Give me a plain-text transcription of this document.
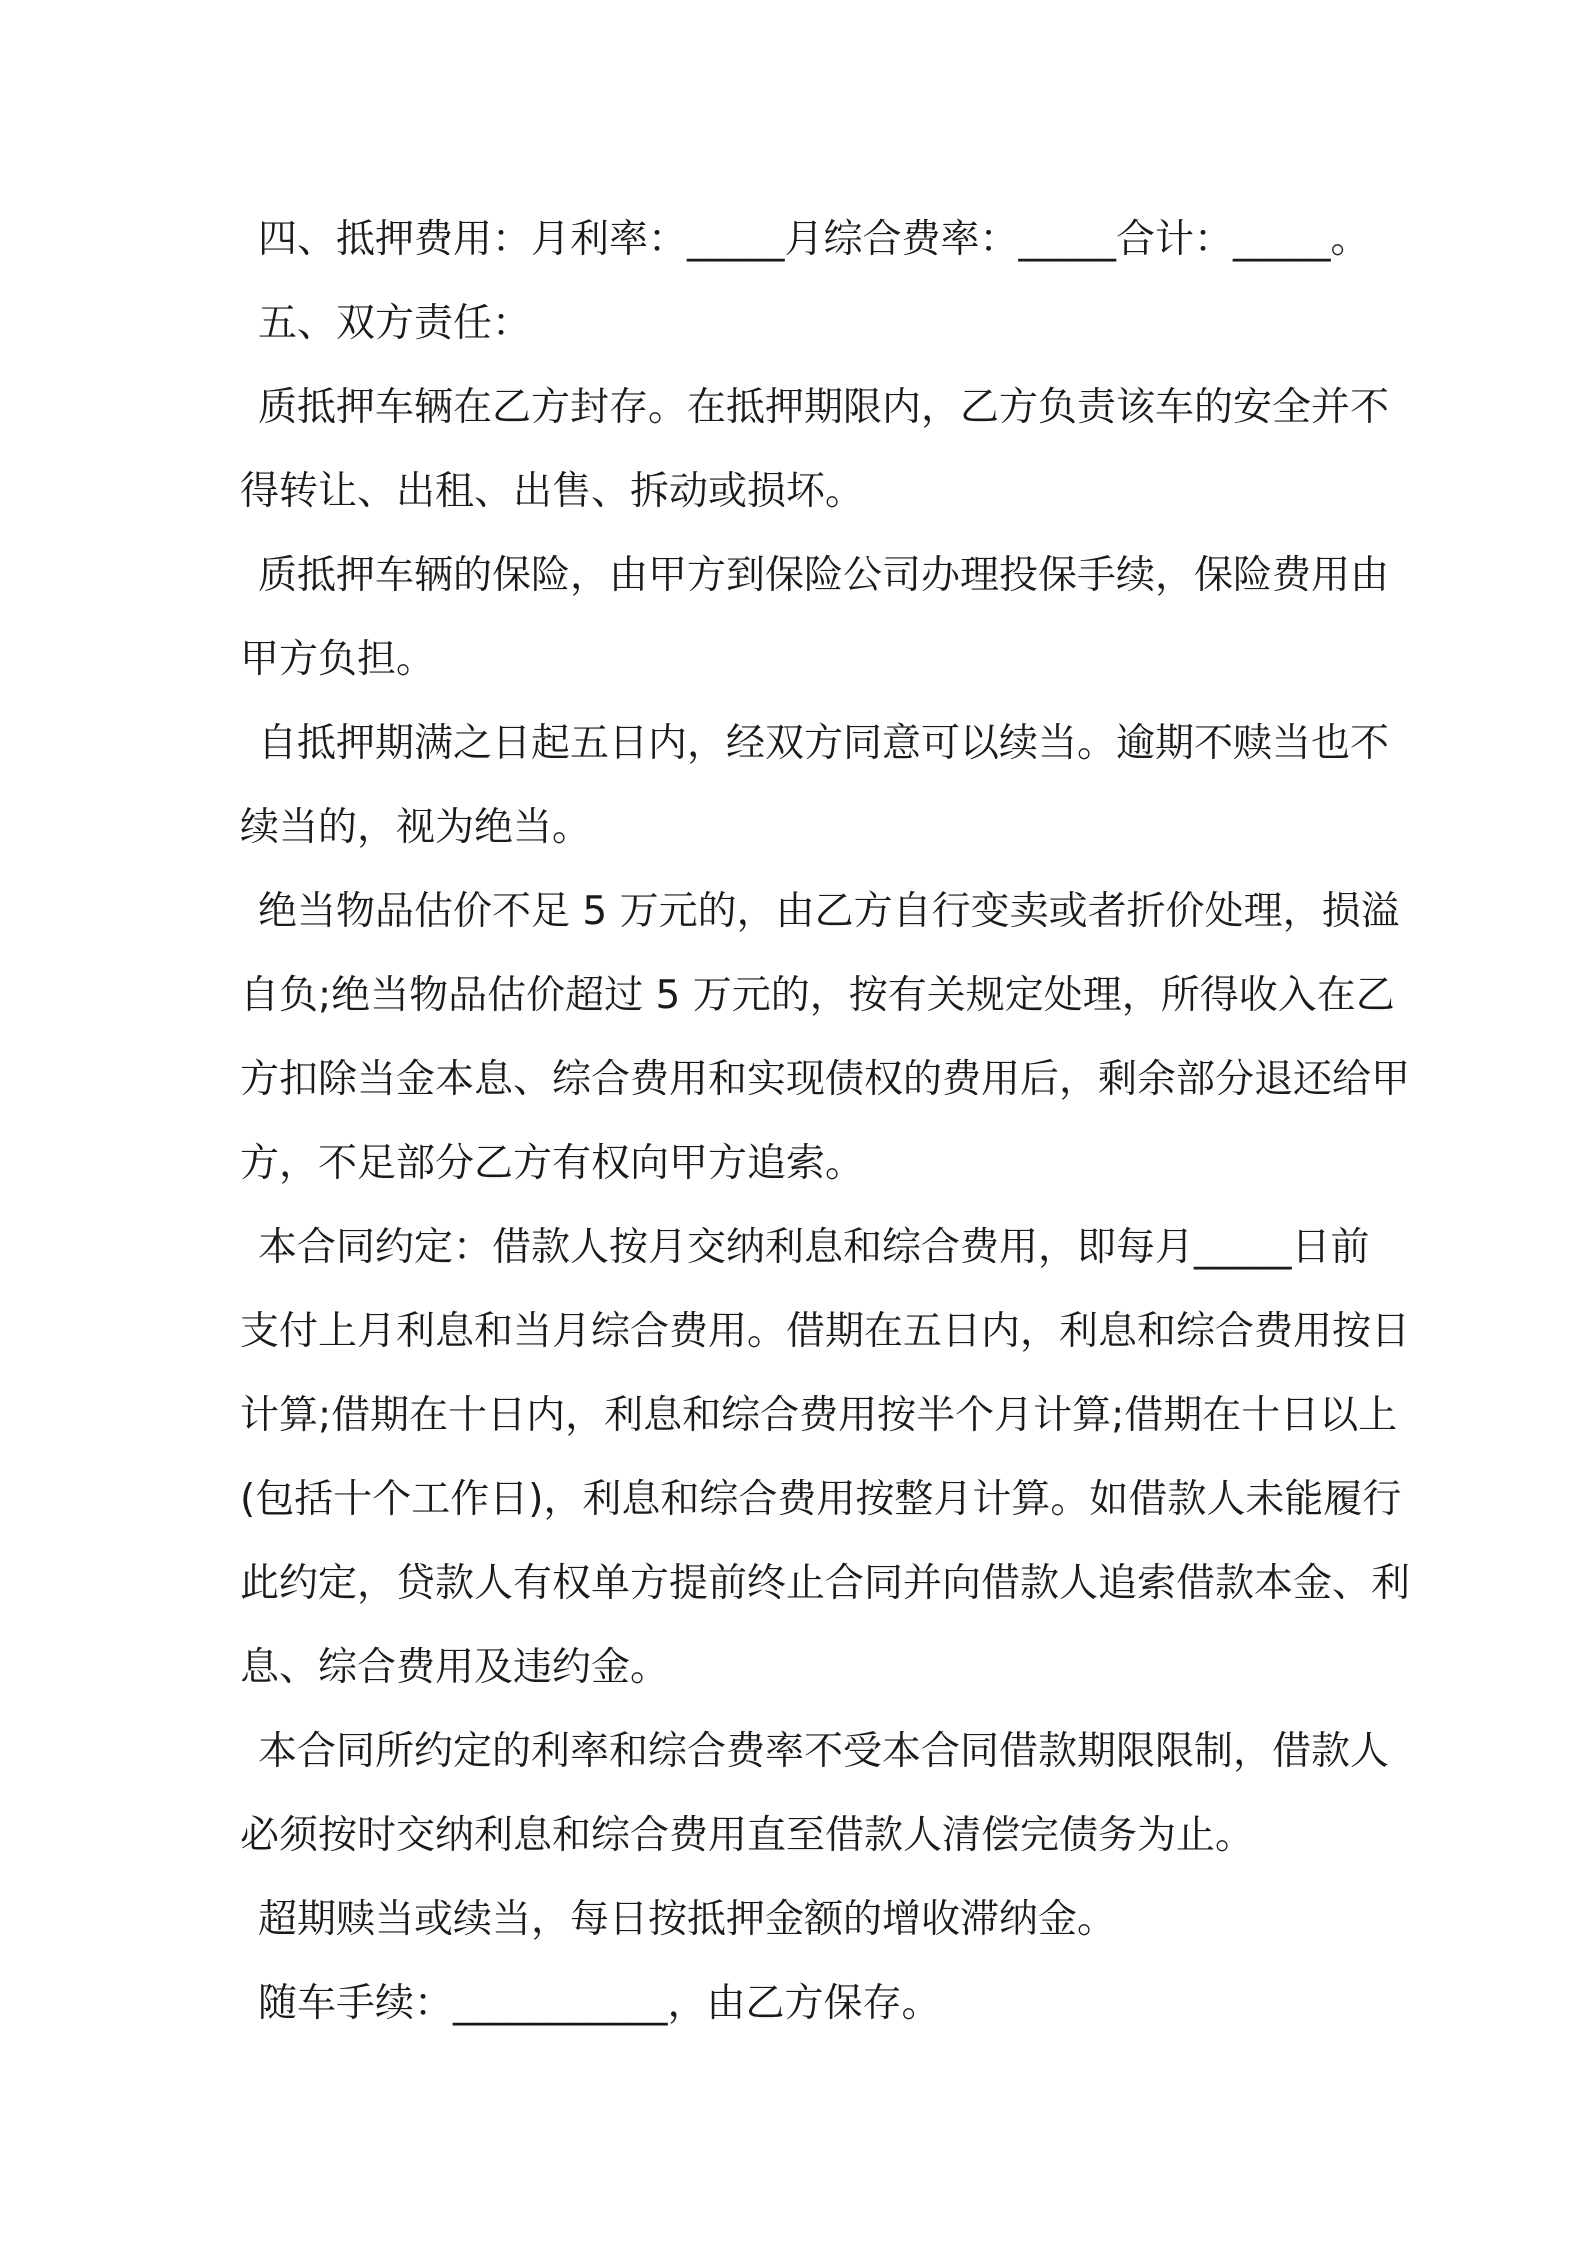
四、抵押费用：月利率：_____月综合费率：_____合计：_____。
五、双方责任：
质抵押车辆在乙方封存。在抵押期限内，乙方负责该车的安全并不
得转让、出租、出售、拆动或损坏。
质抵押车辆的保险，由甲方到保险公司办理投保手续，保险费用由
甲方负担。
自抵押期满之日起五日内，经双方同意可以续当。逾期不赎当也不
续当的，视为绝当。
绝当物品估价不足 5 万元的，由乙方自行变卖或者折价处理，损溢
自负;绝当物品估价超过 5 万元的，按有关规定处理，所得收入在乙
方扣除当金本息、综合费用和实现债权的费用后，剩余部分退还给甲
方，不足部分乙方有权向甲方追索。
本合同约定：借款人按月交纳利息和综合费用，即每月_____日前
支付上月利息和当月综合费用。借期在五日内，利息和综合费用按日
计算;借期在十日内，利息和综合费用按半个月计算;借期在十日以上
(包括十个工作日)，利息和综合费用按整月计算。如借款人未能履行
此约定，贷款人有权单方提前终止合同并向借款人追索借款本金、利
息、综合费用及违约金。
本合同所约定的利率和综合费率不受本合同借款期限限制，借款人
必须按时交纳利息和综合费用直至借款人清偿完债务为止。
超期赎当或续当，每日按抵押金额的增收滞纳金。
随车手续：___________，由乙方保存。
